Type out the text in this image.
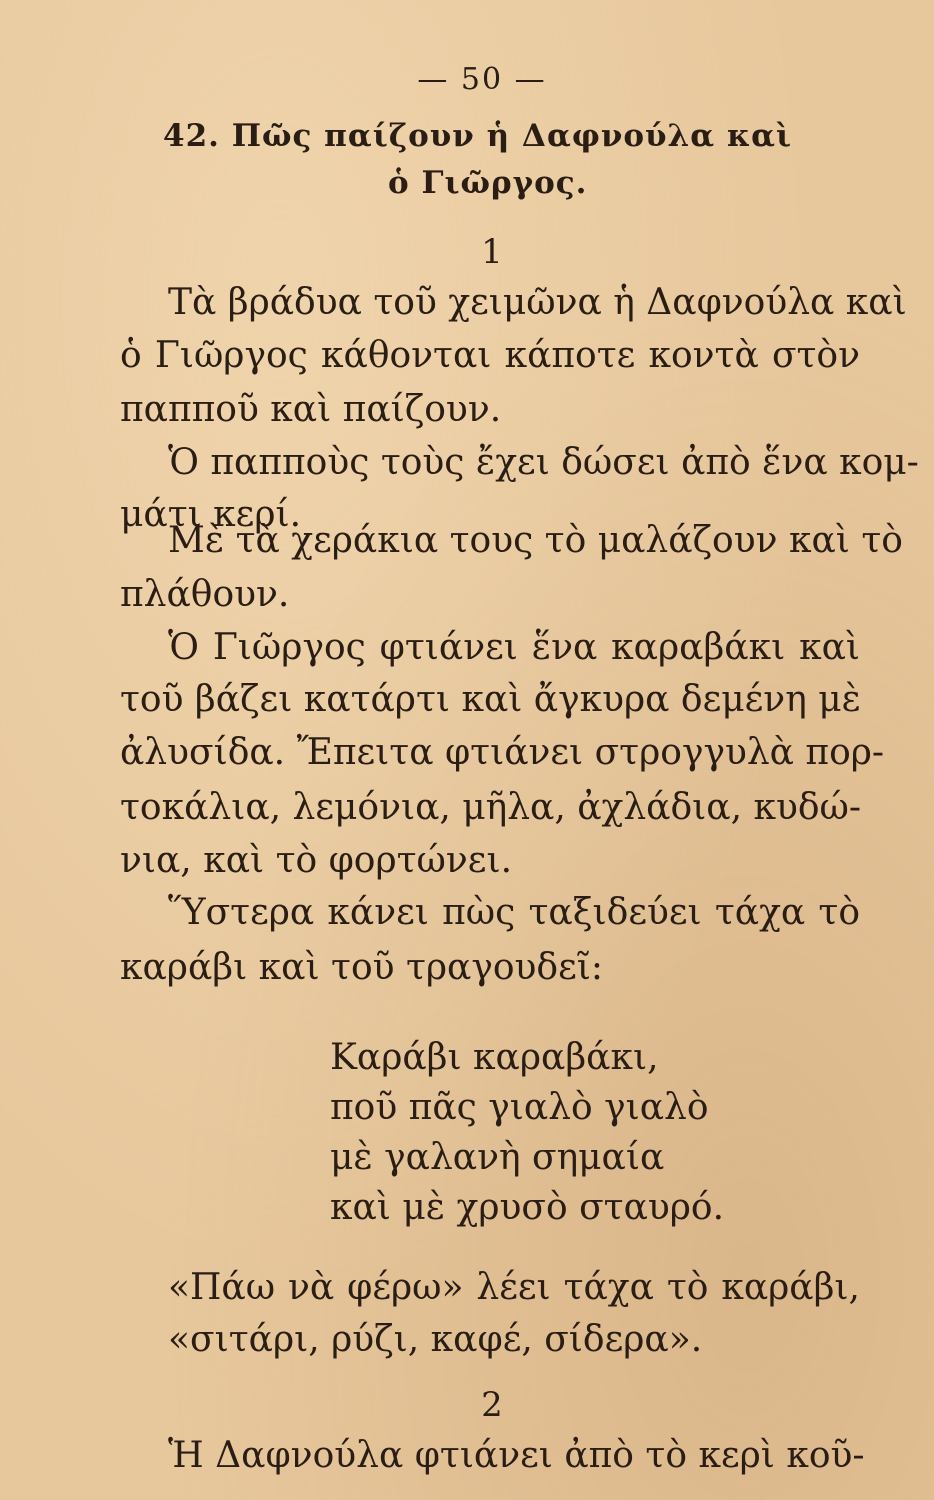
— 50 —
42. Πῶς παίζουν ἡ Δαφνούλα καὶ
ὁ Γιῶργος.
1
Τὰ βράδυα τοῦ χειμῶνα ἡ Δαφνούλα καὶ
ὁ Γιῶργος κάθονται κάποτε κοντὰ στὸν
παπποῦ καὶ παίζουν.
Ὁ παπποὺς τοὺς ἔχει δώσει ἀπὸ ἕνα κομ-
μάτι κερί.
Μὲ τὰ χεράκια τους τὸ μαλάζουν καὶ τὸ
πλάθουν.
Ὁ Γιῶργος φτιάνει ἕνα καραβάκι καὶ
τοῦ βάζει κατάρτι καὶ ἄγκυρα δεμένη μὲ
ἀλυσίδα. Ἔπειτα φτιάνει στρογγυλὰ πορ-
τοκάλια, λεμόνια, μῆλα, ἀχλάδια, κυδώ-
νια, καὶ τὸ φορτώνει.
Ὕστερα κάνει πὼς ταξιδεύει τάχα τὸ
καράβι καὶ τοῦ τραγουδεῖ:
Καράβι καραβάκι,
ποῦ πᾶς γιαλὸ γιαλὸ
μὲ γαλανὴ σημαία
καὶ μὲ χρυσὸ σταυρό.
«Πάω νὰ φέρω» λέει τάχα τὸ καράβι,
«σιτάρι, ρύζι, καφέ, σίδερα».
2
Ἡ Δαφνούλα φτιάνει ἀπὸ τὸ κερὶ κοῦ-
